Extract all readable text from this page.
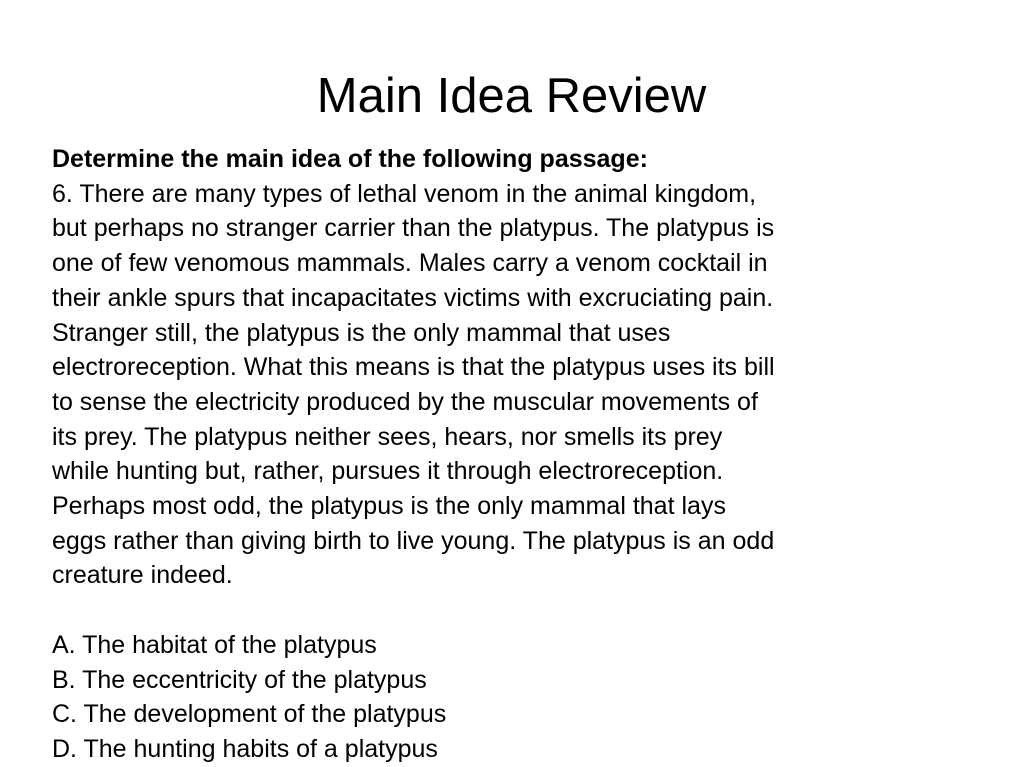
Main Idea Review
Determine the main idea of the following passage:
6. There are many types of lethal venom in the animal kingdom,
but perhaps no stranger carrier than the platypus. The platypus is
one of few venomous mammals. Males carry a venom cocktail in
their ankle spurs that incapacitates victims with excruciating pain.
Stranger still, the platypus is the only mammal that uses
electroreception. What this means is that the platypus uses its bill
to sense the electricity produced by the muscular movements of
its prey. The platypus neither sees, hears, nor smells its prey
while hunting but, rather, pursues it through electroreception.
Perhaps most odd, the platypus is the only mammal that lays
eggs rather than giving birth to live young. The platypus is an odd
creature indeed.
A. The habitat of the platypus
B. The eccentricity of the platypus
C. The development of the platypus
D. The hunting habits of a platypus
